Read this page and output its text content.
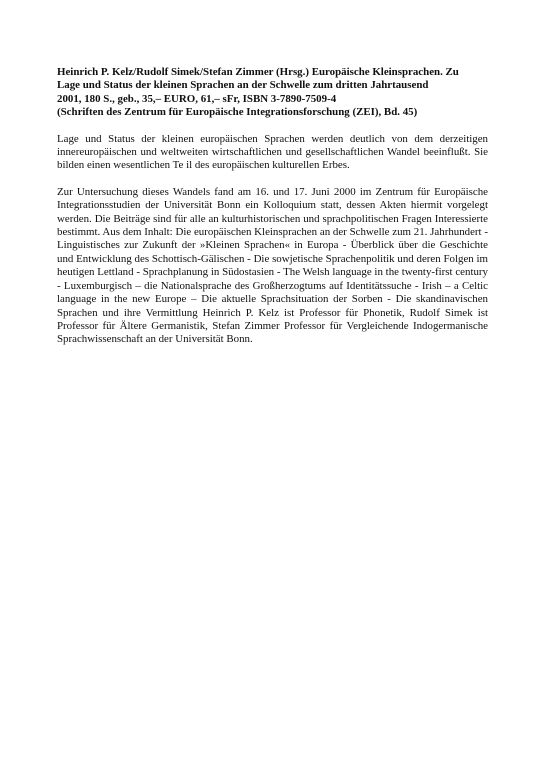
Heinrich P. Kelz/Rudolf Simek/Stefan Zimmer (Hrsg.) Europäische Kleinsprachen. Zu
Lage und Status der kleinen Sprachen an der Schwelle zum dritten Jahrtausend
2001, 180 S., geb., 35,– EURO, 61,– sFr, ISBN 3-7890-7509-4
(Schriften des Zentrum für Europäische Integrationsforschung (ZEI), Bd. 45)

Lage und Status der kleinen europäischen Sprachen werden deutlich von dem derzeitigen innereuropäischen und weltweiten wirtschaftlichen und gesellschaftlichen Wandel beeinflußt. Sie bilden einen wesentlichen Te il des europäischen kulturellen Erbes.

Zur Untersuchung dieses Wandels fand am 16. und 17. Juni 2000 im Zentrum für Europäische Integrationsstudien der Universität Bonn ein Kolloquium statt, dessen Akten hiermit vorgelegt werden. Die Beiträge sind für alle an kulturhistorischen und sprachpolitischen Fragen Interessierte bestimmt. Aus dem Inhalt: Die europäischen Kleinsprachen an der Schwelle zum 21. Jahrhundert - Linguistisches zur Zukunft der »Kleinen Sprachen« in Europa - Überblick über die Geschichte und Entwicklung des Schottisch-Gälischen - Die sowjetische Sprachenpolitik und deren Folgen im heutigen Lettland - Sprachplanung in Südostasien - The Welsh language in the twenty-first century - Luxemburgisch – die Nationalsprache des Großherzogtums auf Identitätssuche - Irish – a Celtic language in the new Europe – Die aktuelle Sprachsituation der Sorben - Die skandinavischen Sprachen und ihre Vermittlung Heinrich P. Kelz ist Professor für Phonetik, Rudolf Simek ist Professor für Ältere Germanistik, Stefan Zimmer Professor für Vergleichende Indogermanische Sprachwissenschaft an der Universität Bonn.
